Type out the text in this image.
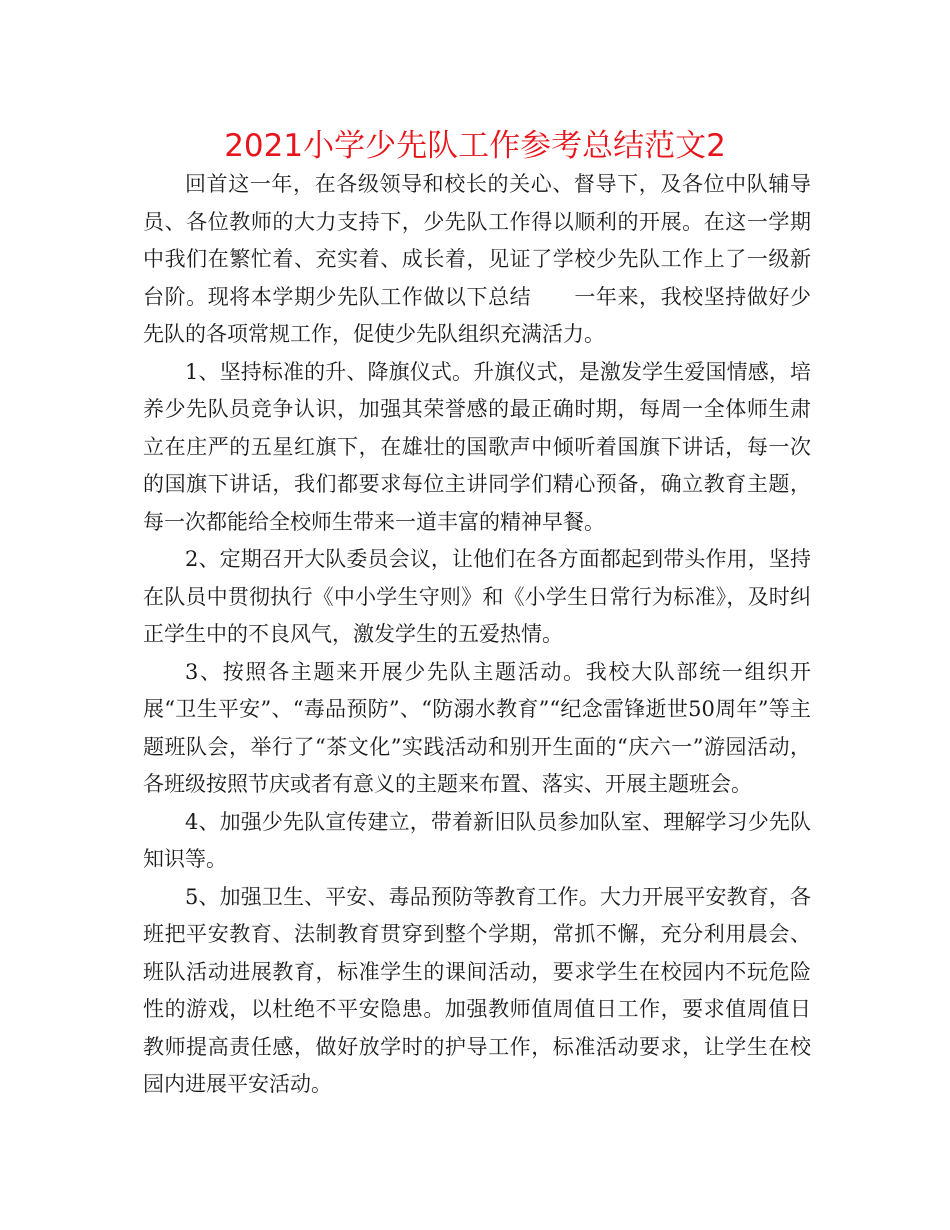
2021小学少先队工作参考总结范文2

回首这一年，在各级领导和校长的关心、督导下，及各位中队辅导员、各位教师的大力支持下，少先队工作得以顺利的开展。在这一学期中我们在繁忙着、充实着、成长着，见证了学校少先队工作上了一级新台阶。现将本学期少先队工作做以下总结　　一年来，我校坚持做好少先队的各项常规工作，促使少先队组织充满活力。

1、坚持标准的升、降旗仪式。升旗仪式，是激发学生爱国情感，培养少先队员竞争认识，加强其荣誉感的最正确时期，每周一全体师生肃立在庄严的五星红旗下，在雄壮的国歌声中倾听着国旗下讲话，每一次的国旗下讲话，我们都要求每位主讲同学们精心预备，确立教育主题，每一次都能给全校师生带来一道丰富的精神早餐。

2、定期召开大队委员会议，让他们在各方面都起到带头作用，坚持在队员中贯彻执行《中小学生守则》和《小学生日常行为标准》，及时纠正学生中的不良风气，激发学生的五爱热情。

3、按照各主题来开展少先队主题活动。我校大队部统一组织开展“卫生平安”、“毒品预防”、“防溺水教育”“纪念雷锋逝世50周年”等主题班队会，举行了“茶文化”实践活动和别开生面的“庆六一”游园活动，各班级按照节庆或者有意义的主题来布置、落实、开展主题班会。

4、加强少先队宣传建立，带着新旧队员参加队室、理解学习少先队知识等。

5、加强卫生、平安、毒品预防等教育工作。大力开展平安教育，各班把平安教育、法制教育贯穿到整个学期，常抓不懈，充分利用晨会、班队活动进展教育，标准学生的课间活动，要求学生在校园内不玩危险性的游戏，以杜绝不平安隐患。加强教师值周值日工作，要求值周值日教师提高责任感，做好放学时的护导工作，标准活动要求，让学生在校园内进展平安活动。
